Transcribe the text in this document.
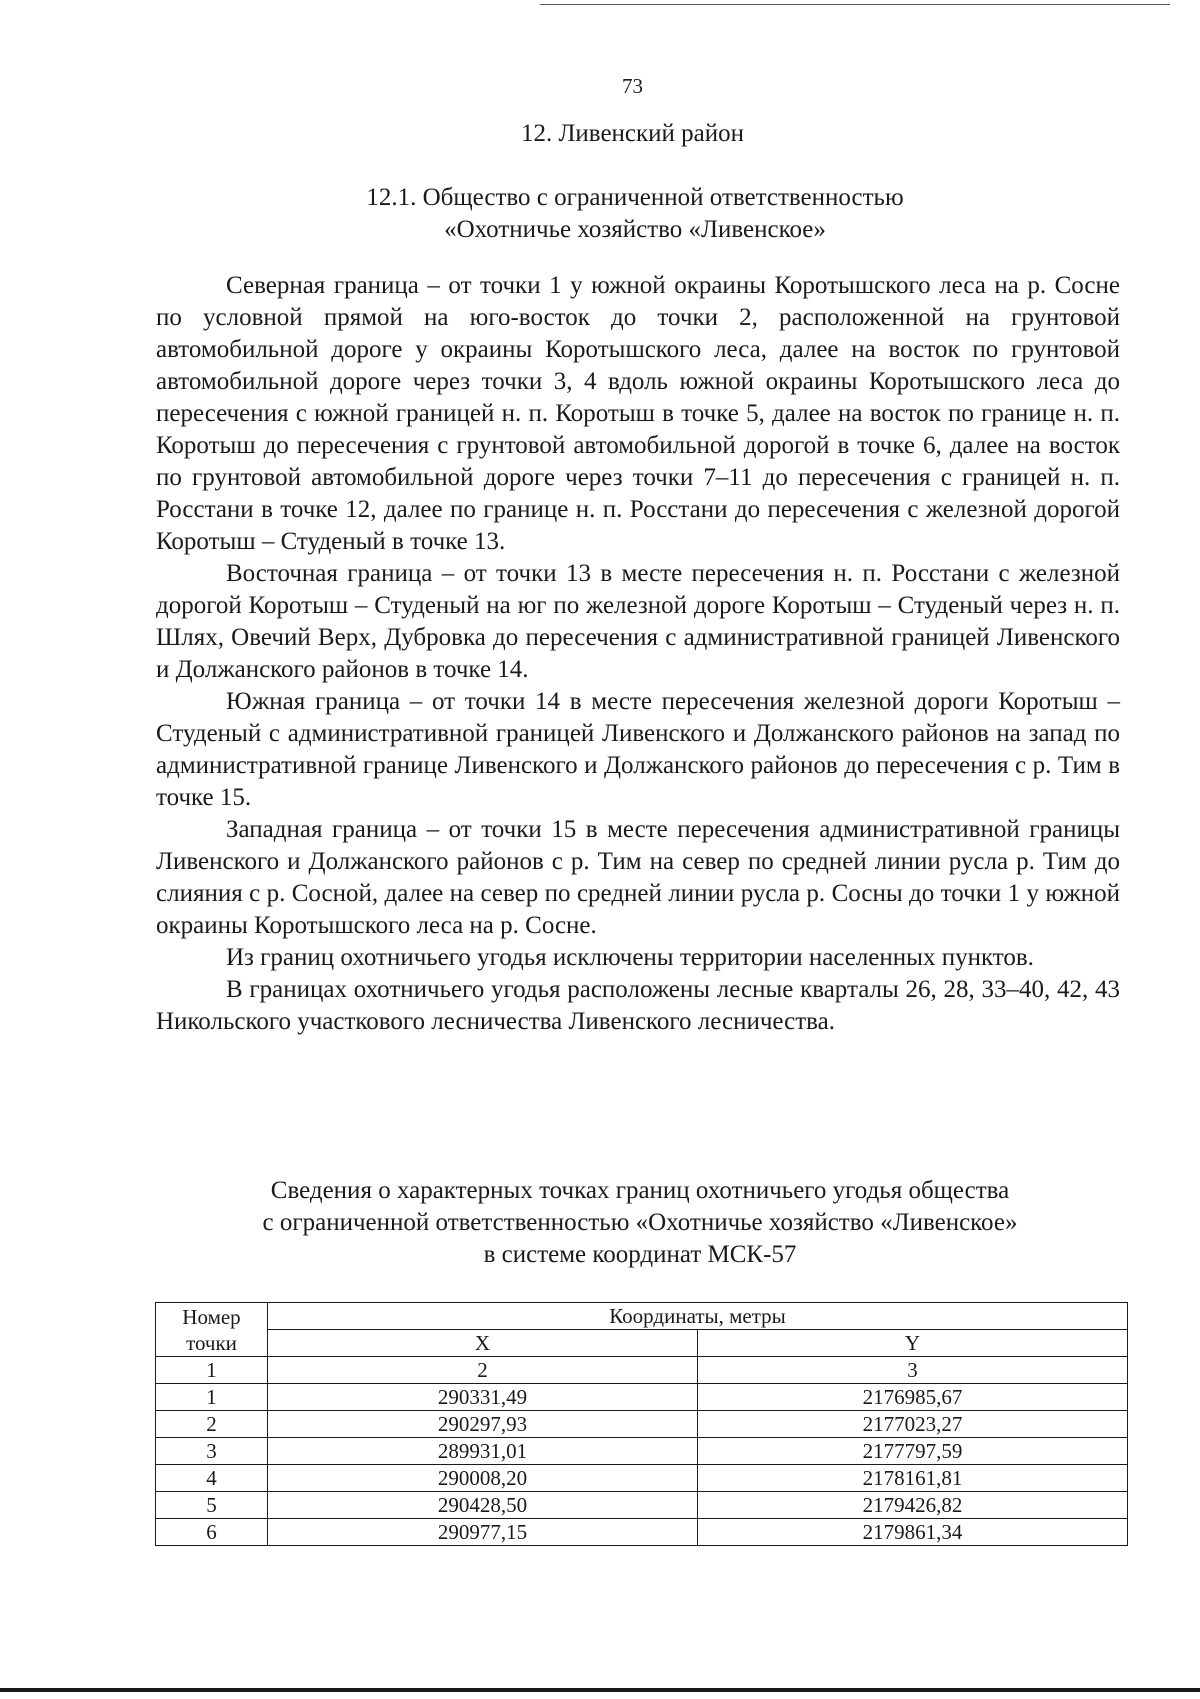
73
12. Ливенский район
12.1. Общество с ограниченной ответственностью
«Охотничье хозяйство «Ливенское»

Северная граница – от точки 1 у южной окраины Коротышского леса на р. Сосне по условной прямой на юго-восток до точки 2, расположенной на грунтовой автомобильной дороге у окраины Коротышского леса, далее на восток по грунтовой автомобильной дороге через точки 3, 4 вдоль южной окраины Коротышского леса до пересечения с южной границей н. п. Коротыш в точке 5, далее на восток по границе н. п. Коротыш до пересечения с грунтовой автомобильной дорогой в точке 6, далее на восток по грунтовой автомобильной дороге через точки 7–11 до пересечения с границей н. п. Росстани в точке 12, далее по границе н. п. Росстани до пересечения с железной дорогой Коротыш – Студеный в точке 13.

Восточная граница – от точки 13 в месте пересечения н. п. Росстани с железной дорогой Коротыш – Студеный на юг по железной дороге Коротыш – Студеный через н. п. Шлях, Овечий Верх, Дубровка до пересечения с административной границей Ливенского и Должанского районов в точке 14.

Южная граница – от точки 14 в месте пересечения железной дороги Коротыш – Студеный с административной границей Ливенского и Должанского районов на запад по административной границе Ливенского и Должанского районов до пересечения с р. Тим в точке 15.

Западная граница – от точки 15 в месте пересечения административной границы Ливенского и Должанского районов с р. Тим на север по средней линии русла р. Тим до слияния с р. Сосной, далее на север по средней линии русла р. Сосны до точки 1 у южной окраины Коротышского леса на р. Сосне.

Из границ охотничьего угодья исключены территории населенных пунктов.

В границах охотничьего угодья расположены лесные кварталы 26, 28, 33–40, 42, 43 Никольского участкового лесничества Ливенского лесничества.

Сведения о характерных точках границ охотничьего угодья общества
с ограниченной ответственностью «Охотничье хозяйство «Ливенское»
в системе координат МСК-57
Номер точки	Координаты, метры	
	X	Y
1	2	3
1	290331,49	2176985,67
2	290297,93	2177023,27
3	289931,01	2177797,59
4	290008,20	2178161,81
5	290428,50	2179426,82
6	290977,15	2179861,34
